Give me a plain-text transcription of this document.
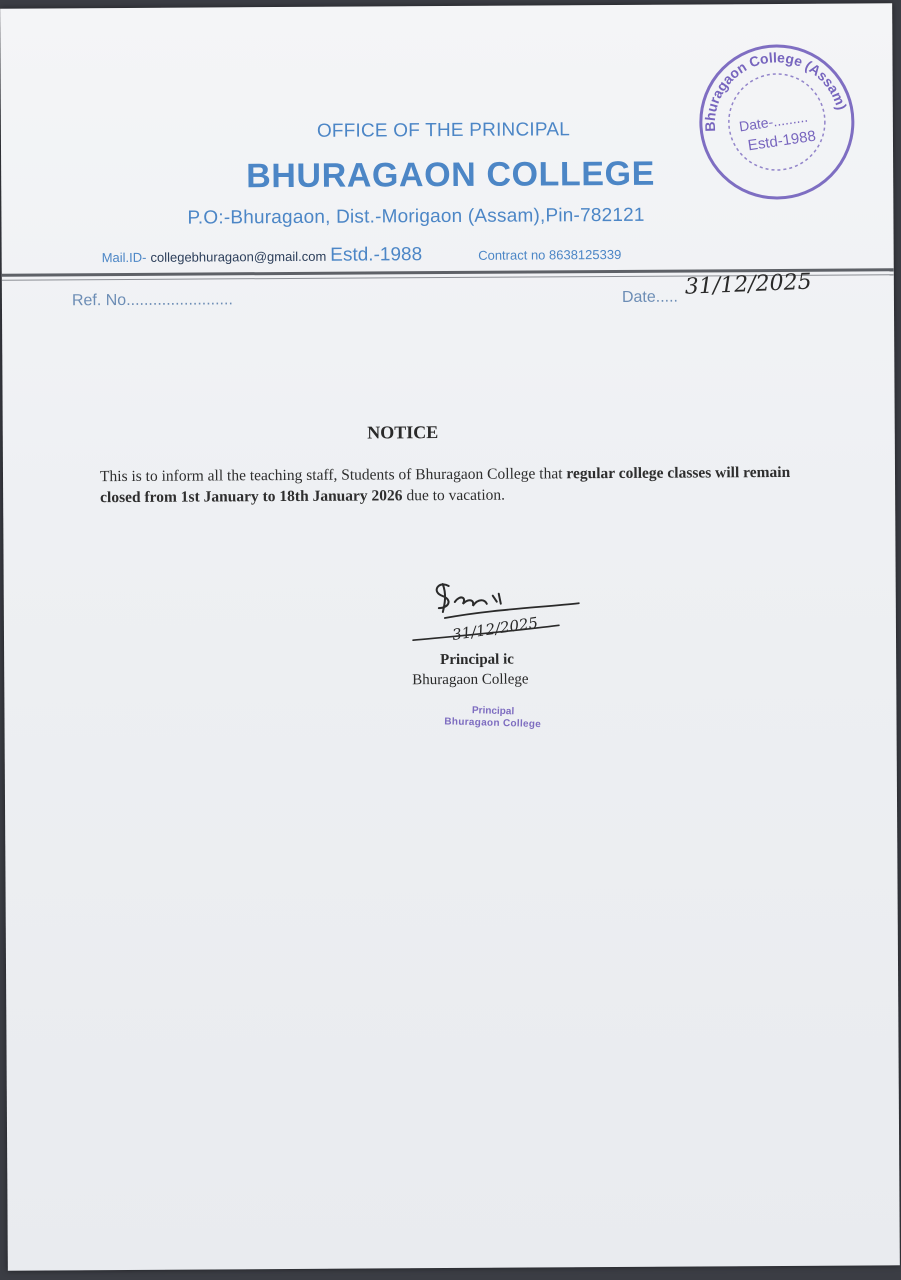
Bhuragaon College (Assam)
Date-.........
Estd-1988
OFFICE OF THE PRINCIPAL
BHURAGAON COLLEGE
P.O:-Bhuragaon, Dist.-Morigaon (Assam),Pin-782121
Mail.ID- collegebhuragaon@gmail.com Estd.-1988	Contract no 8638125339
Ref. No........................	Date..... 31/12/2025
NOTICE
This is to inform all the teaching staff, Students of Bhuragaon College that regular college classes will remain closed from 1st January to 18th January 2026 due to vacation.
31/12/2025
Principal ic
Bhuragaon College
Principal
Bhuragaon College
